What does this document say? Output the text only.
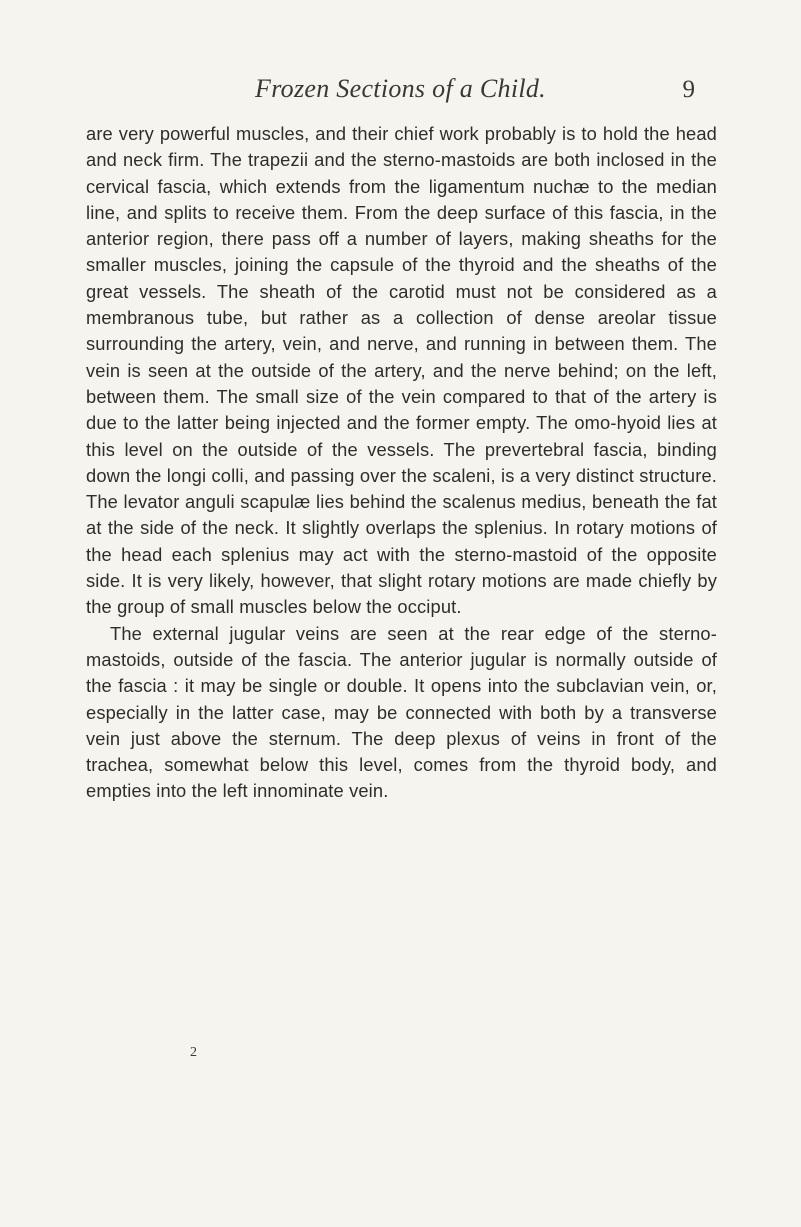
Frozen Sections of a Child.	9

are very powerful muscles, and their chief work probably is to hold the head and neck firm. The trapezii and the sterno-mastoids are both inclosed in the cervical fascia, which extends from the ligamentum nuchæ to the median line, and splits to receive them. From the deep surface of this fascia, in the anterior region, there pass off a number of layers, making sheaths for the smaller muscles, joining the capsule of the thyroid and the sheaths of the great vessels. The sheath of the carotid must not be considered as a membranous tube, but rather as a collection of dense areolar tissue surrounding the artery, vein, and nerve, and running in between them. The vein is seen at the outside of the artery, and the nerve behind; on the left, between them. The small size of the vein compared to that of the artery is due to the latter being injected and the former empty. The omo-hyoid lies at this level on the outside of the vessels. The prevertebral fascia, binding down the longi colli, and passing over the scaleni, is a very distinct structure. The levator anguli scapulæ lies behind the scalenus medius, beneath the fat at the side of the neck. It slightly overlaps the splenius. In rotary motions of the head each splenius may act with the sterno-mastoid of the opposite side. It is very likely, however, that slight rotary motions are made chiefly by the group of small muscles below the occiput.

The external jugular veins are seen at the rear edge of the sterno-mastoids, outside of the fascia. The anterior jugular is normally outside of the fascia : it may be single or double. It opens into the subclavian vein, or, especially in the latter case, may be connected with both by a transverse vein just above the sternum. The deep plexus of veins in front of the trachea, somewhat below this level, comes from the thyroid body, and empties into the left innominate vein.

2
